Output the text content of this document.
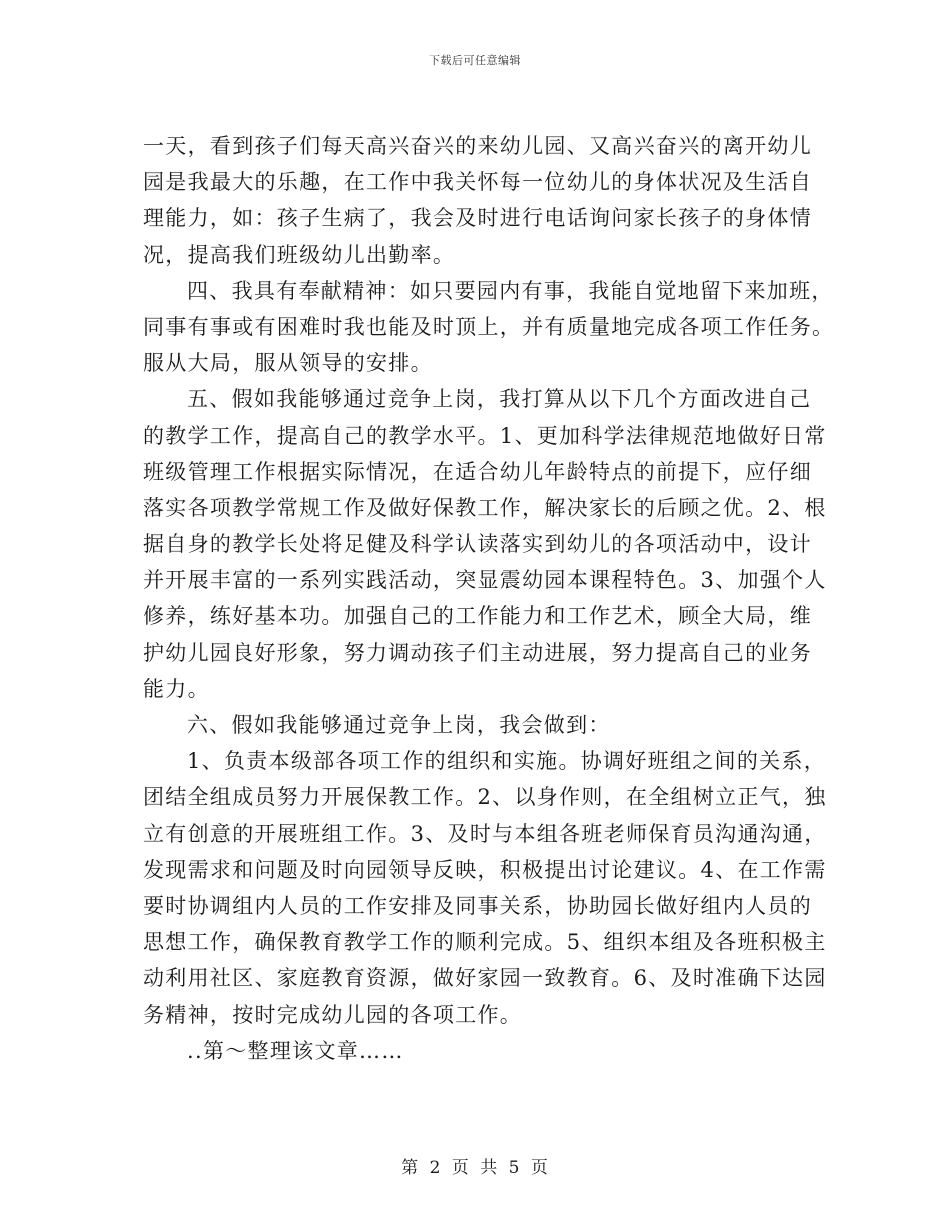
下载后可任意编辑
一天，看到孩子们每天高兴奋兴的来幼儿园、又高兴奋兴的离开幼儿
园是我最大的乐趣，在工作中我关怀每一位幼儿的身体状况及生活自
理能力，如：孩子生病了，我会及时进行电话询问家长孩子的身体情
况，提高我们班级幼儿出勤率。
四、我具有奉献精神：如只要园内有事，我能自觉地留下来加班，
同事有事或有困难时我也能及时顶上，并有质量地完成各项工作任务。
服从大局，服从领导的安排。
五、假如我能够通过竞争上岗，我打算从以下几个方面改进自己
的教学工作，提高自己的教学水平。1、更加科学法律规范地做好日常
班级管理工作根据实际情况，在适合幼儿年龄特点的前提下，应仔细
落实各项教学常规工作及做好保教工作，解决家长的后顾之优。2、根
据自身的教学长处将足健及科学认读落实到幼儿的各项活动中，设计
并开展丰富的一系列实践活动，突显震幼园本课程特色。3、加强个人
修养，练好基本功。加强自己的工作能力和工作艺术，顾全大局，维
护幼儿园良好形象，努力调动孩子们主动进展，努力提高自己的业务
能力。
六、假如我能够通过竞争上岗，我会做到：
1、负责本级部各项工作的组织和实施。协调好班组之间的关系，
团结全组成员努力开展保教工作。2、以身作则，在全组树立正气，独
立有创意的开展班组工作。3、及时与本组各班老师保育员沟通沟通，
发现需求和问题及时向园领导反映，积极提出讨论建议。4、在工作需
要时协调组内人员的工作安排及同事关系，协助园长做好组内人员的
思想工作，确保教育教学工作的顺利完成。5、组织本组及各班积极主
动利用社区、家庭教育资源，做好家园一致教育。6、及时准确下达园
务精神，按时完成幼儿园的各项工作。
..第～整理该文章……
第 2 页 共 5 页
